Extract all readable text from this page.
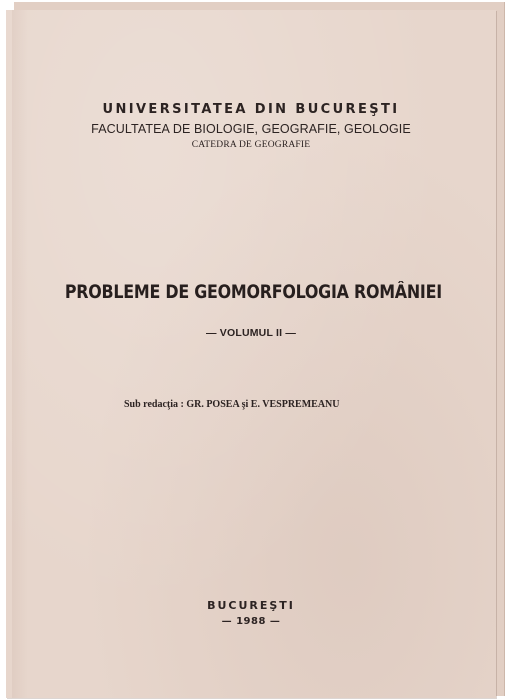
UNIVERSITATEA DIN BUCUREŞTI
FACULTATEA DE BIOLOGIE, GEOGRAFIE, GEOLOGIE
CATEDRA DE GEOGRAFIE
PROBLEME DE GEOMORFOLOGIA ROMÂNIEI
— VOLUMUL II —
Sub redacţia : GR. POSEA şi E. VESPREMEANU
BUCUREŞTI
— 1988 —
